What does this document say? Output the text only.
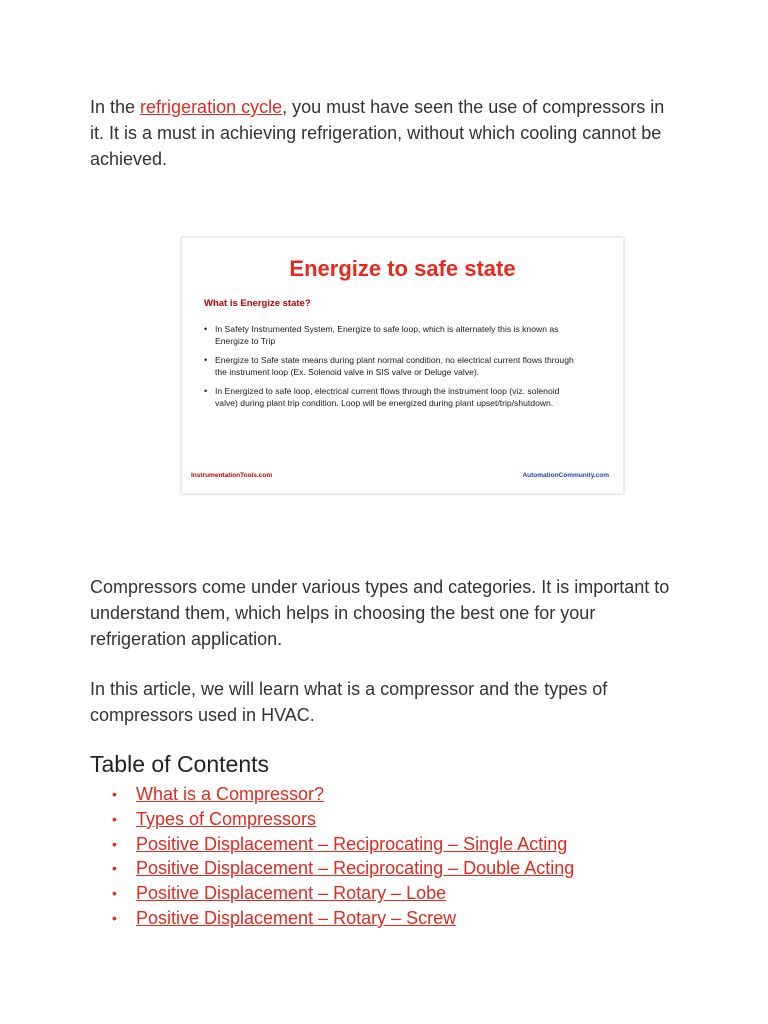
In the refrigeration cycle, you must have seen the use of compressors in it. It is a must in achieving refrigeration, without which cooling cannot be achieved.

Energize to safe state
What is Energize state?
• In Safety Instrumented System, Energize to safe loop, which is alternately this is known as Energize to Trip
• Energize to Safe state means during plant normal condition, no electrical current flows through the instrument loop (Ex. Solenoid valve in SIS valve or Deluge valve).
• In Energized to safe loop, electrical current flows through the instrument loop (viz. solenoid valve) during plant trip condition. Loop will be energized during plant upset/trip/shutdown.
InstrumentationTools.com	AutomationCommunity.com

Compressors come under various types and categories. It is important to understand them, which helps in choosing the best one for your refrigeration application.

In this article, we will learn what is a compressor and the types of compressors used in HVAC.

Table of Contents
• What is a Compressor?
• Types of Compressors
• Positive Displacement – Reciprocating – Single Acting
• Positive Displacement – Reciprocating – Double Acting
• Positive Displacement – Rotary – Lobe
• Positive Displacement – Rotary – Screw
